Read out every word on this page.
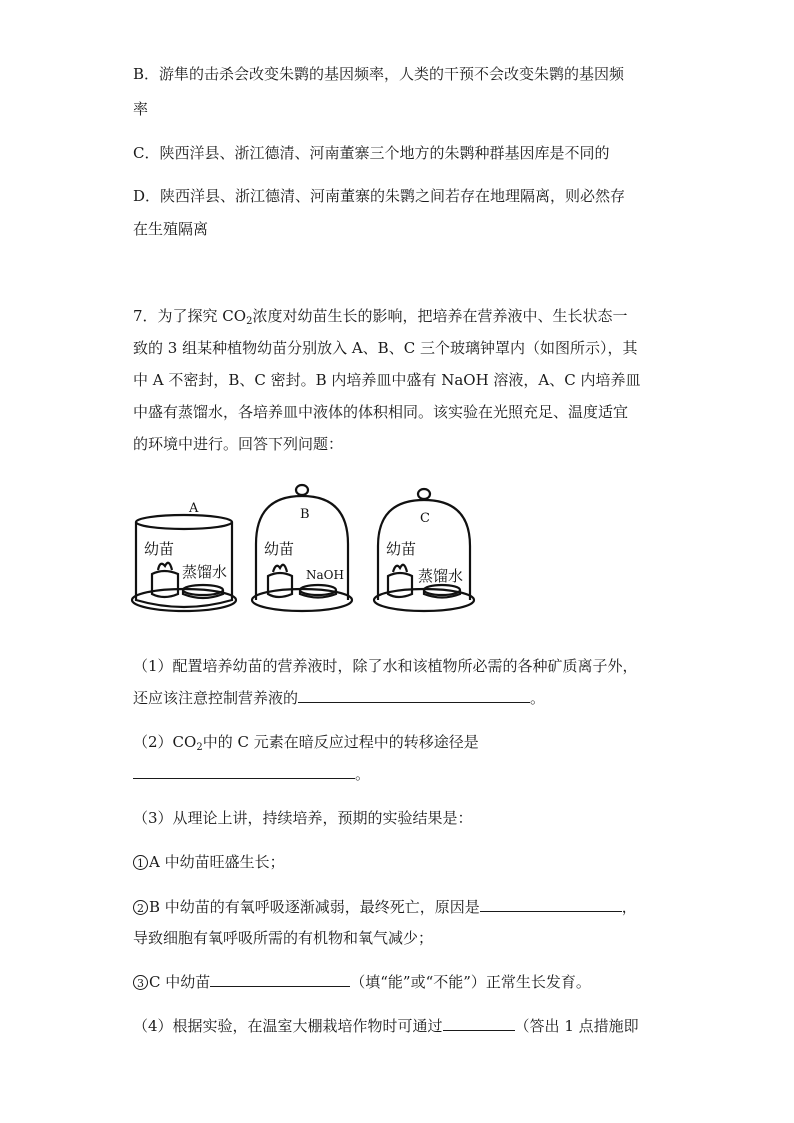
B．游隼的击杀会改变朱鹮的基因频率，人类的干预不会改变朱鹮的基因频
率
C．陕西洋县、浙江德清、河南董寨三个地方的朱鹮种群基因库是不同的
D．陕西洋县、浙江德清、河南董寨的朱鹮之间若存在地理隔离，则必然存
在生殖隔离
7．为了探究 $CO_2$浓度对幼苗生长的影响，把培养在营养液中、生长状态一
致的 3 组某种植物幼苗分别放入 A、B、C 三个玻璃钟罩内（如图所示），其
中 A 不密封，B、C 密封。B 内培养皿中盛有 NaOH 溶液，A、C 内培养皿
中盛有蒸馏水，各培养皿中液体的体积相同。该实验在光照充足、温度适宜
的环境中进行。回答下列问题：
A	B	C
幼苗
蒸馏水
幼苗
NaOH
幼苗
蒸馏水
（1）配置培养幼苗的营养液时，除了水和该植物所必需的各种矿质离子外，
还应该注意控制营养液的	。
$(2)CO_2$中的 C 元素在暗反应过程中的转移途径是
。
（3）从理论上讲，持续培养，预期的实验结果是：
1 A 中幼苗旺盛生长；
2 B 中幼苗的有氧呼吸逐渐减弱，最终死亡，原因是	，
导致细胞有氧呼吸所需的有机物和氧气减少；
3 C 中幼苗	（填“能”或“不能”）正常生长发育。
（4）根据实验，在温室大棚栽培作物时可通过	（答出 1 点措施即
